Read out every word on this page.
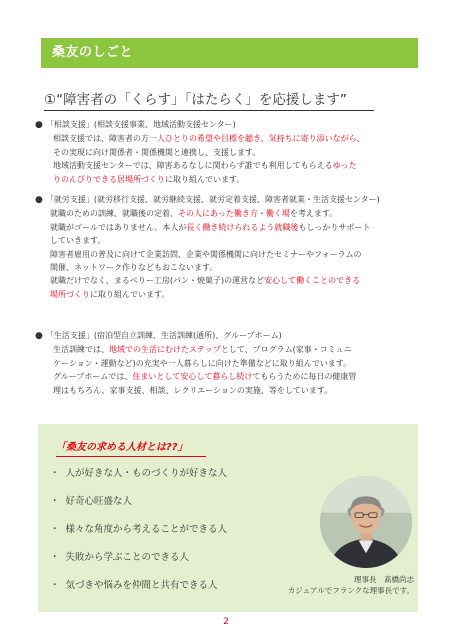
桑友のしごと
①“障害者の「くらす」「はたらく」を応援します”
● 「相談支援」(相談支援事業、地域活動支援センター)
相談支援では、障害者の方一人ひとりの希望や目標を聴き、気持ちに寄り添いながら、
その実現に向け関係者・関係機関と連携し、支援します。
地域活動支援センターでは、障害あるなしに関わらず誰でも利用してもらえるゆった
りのんびりできる居場所づくりに取り組んでいます。
● 「就労支援」(就労移行支援、就労継続支援、就労定着支援、障害者就業・生活支援センター)
就職のための訓練、就職後の定着、その人にあった働き方・働く場を考えます。
就職がゴールではありません。本人が長く働き続けられるよう就職後もしっかりサポート
していきます。
障害者雇用の普及に向けて企業訪問、企業や関係機関に向けたセミナーやフォーラムの
開催、ネットワーク作りなどもおこないます。
就職だけでなく、まるべりー工房(パン・焼菓子)の運営など安心して働くことのできる
場所づくりに取り組んでいます。
● 「生活支援」(宿泊型自立訓練、生活訓練(通所)、グループホーム)
生活訓練では、地域での生活にむけたステップとして、プログラム(家事・コミュニ
ケーション・運動など)の充実や一人暮らしに向けた準備などに取り組んでいます。
グループホームでは、住まいとして安心して暮らし続けてもらうために毎日の健康管
理はもちろん、家事支援、相談、レクリエーションの実施、等をしています。
「桑友の求める人材とは??」
・ 人が好きな人・ものづくりが好きな人
・ 好奇心旺盛な人
・ 様々な角度から考えることができる人
・ 失敗から学ぶことのできる人
・ 気づきや悩みを仲間と共有できる人
理事長　髙橋尚志
カジュアルでフランクな理事長です。
2
